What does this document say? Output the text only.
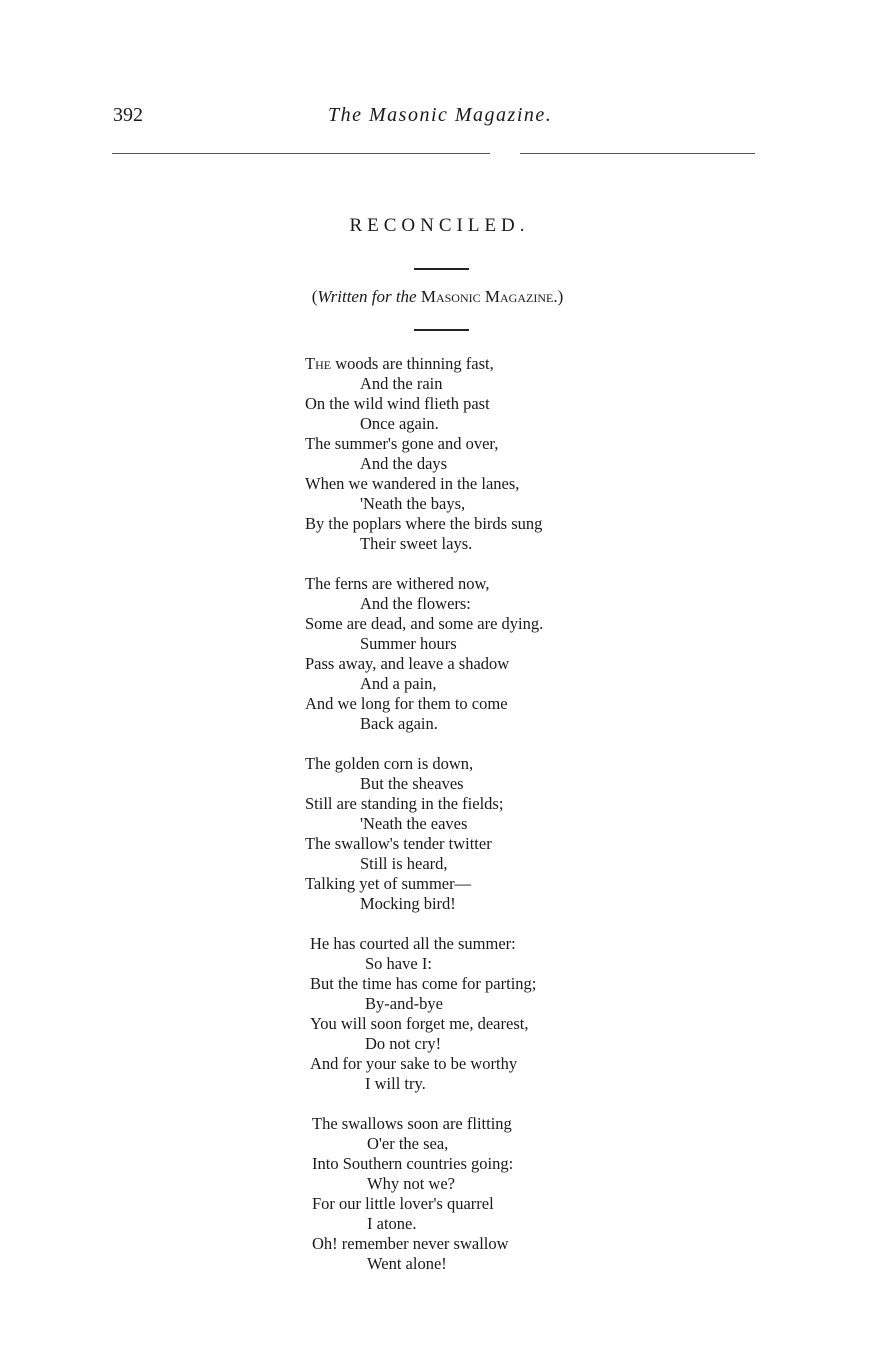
392	The Masonic Magazine.
RECONCILED.
(Written for the Masonic Magazine.)
The woods are thinning fast,
And the rain
On the wild wind flieth past
Once again.
The summer's gone and over,
And the days
When we wandered in the lanes,
'Neath the bays,
By the poplars where the birds sung
Their sweet lays.
The ferns are withered now,
And the flowers:
Some are dead, and some are dying.
Summer hours
Pass away, and leave a shadow
And a pain,
And we long for them to come
Back again.
The golden corn is down,
But the sheaves
Still are standing in the fields;
'Neath the eaves
The swallow's tender twitter
Still is heard,
Talking yet of summer—
Mocking bird!
He has courted all the summer:
So have I:
But the time has come for parting;
By-and-bye
You will soon forget me, dearest,
Do not cry!
And for your sake to be worthy
I will try.
The swallows soon are flitting
O'er the sea,
Into Southern countries going:
Why not we?
For our little lover's quarrel
I atone.
Oh! remember never swallow
Went alone!
